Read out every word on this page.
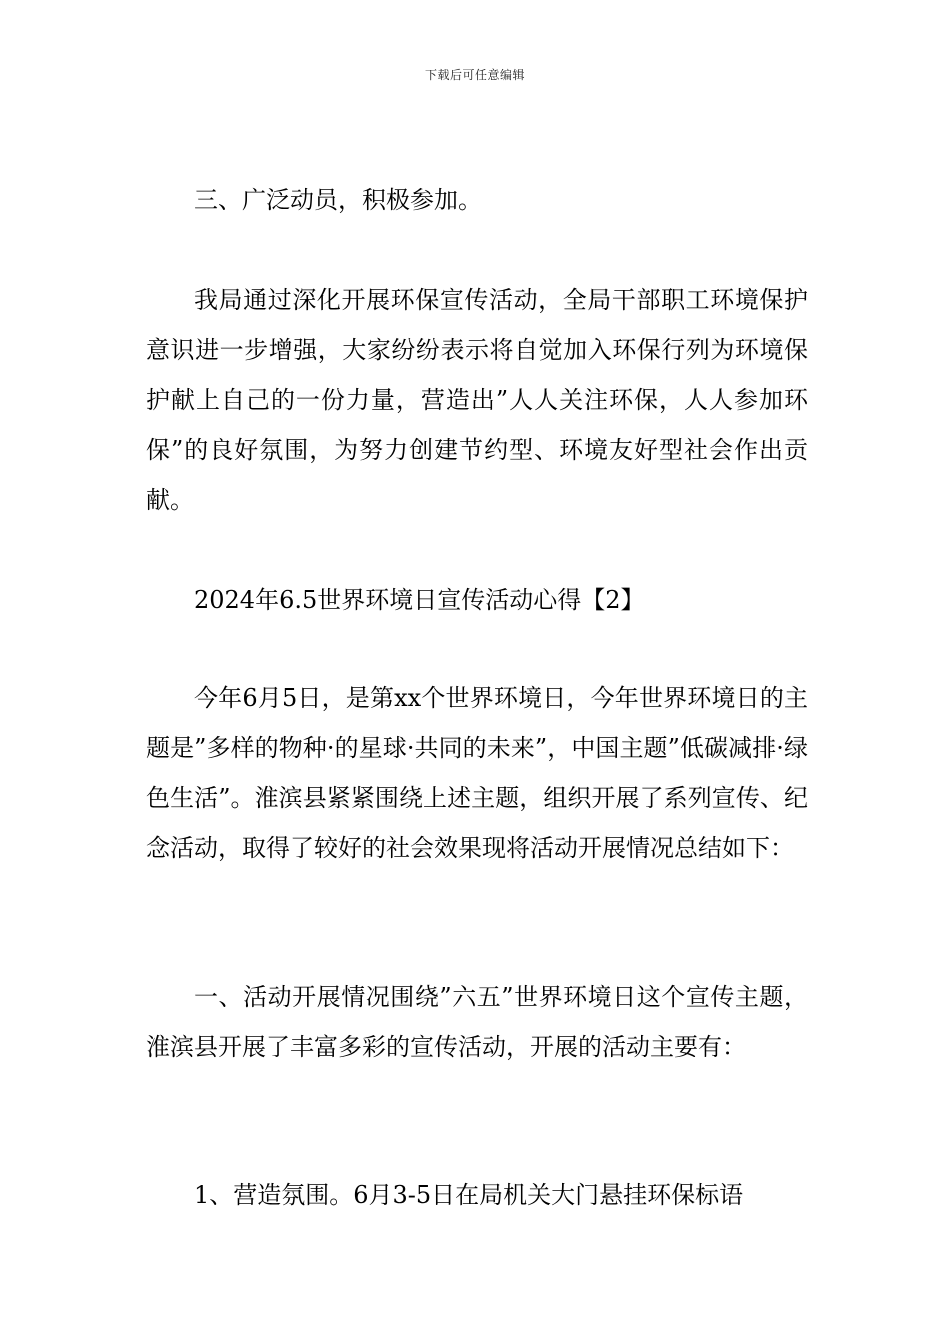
下载后可任意编辑

三、广泛动员，积极参加。

我局通过深化开展环保宣传活动，全局干部职工环境保护意识进一步增强，大家纷纷表示将自觉加入环保行列为环境保护献上自己的一份力量，营造出”人人关注环保，人人参加环保”的良好氛围，为努力创建节约型、环境友好型社会作出贡献。

2024年6.5世界环境日宣传活动心得【2】

今年6月5日，是第xx个世界环境日，今年世界环境日的主题是”多样的物种·的星球·共同的未来”，中国主题”低碳减排·绿色生活”。淮滨县紧紧围绕上述主题，组织开展了系列宣传、纪念活动，取得了较好的社会效果现将活动开展情况总结如下：

一、活动开展情况围绕”六五”世界环境日这个宣传主题，淮滨县开展了丰富多彩的宣传活动，开展的活动主要有：

1、营造氛围。6月3-5日在局机关大门悬挂环保标语
